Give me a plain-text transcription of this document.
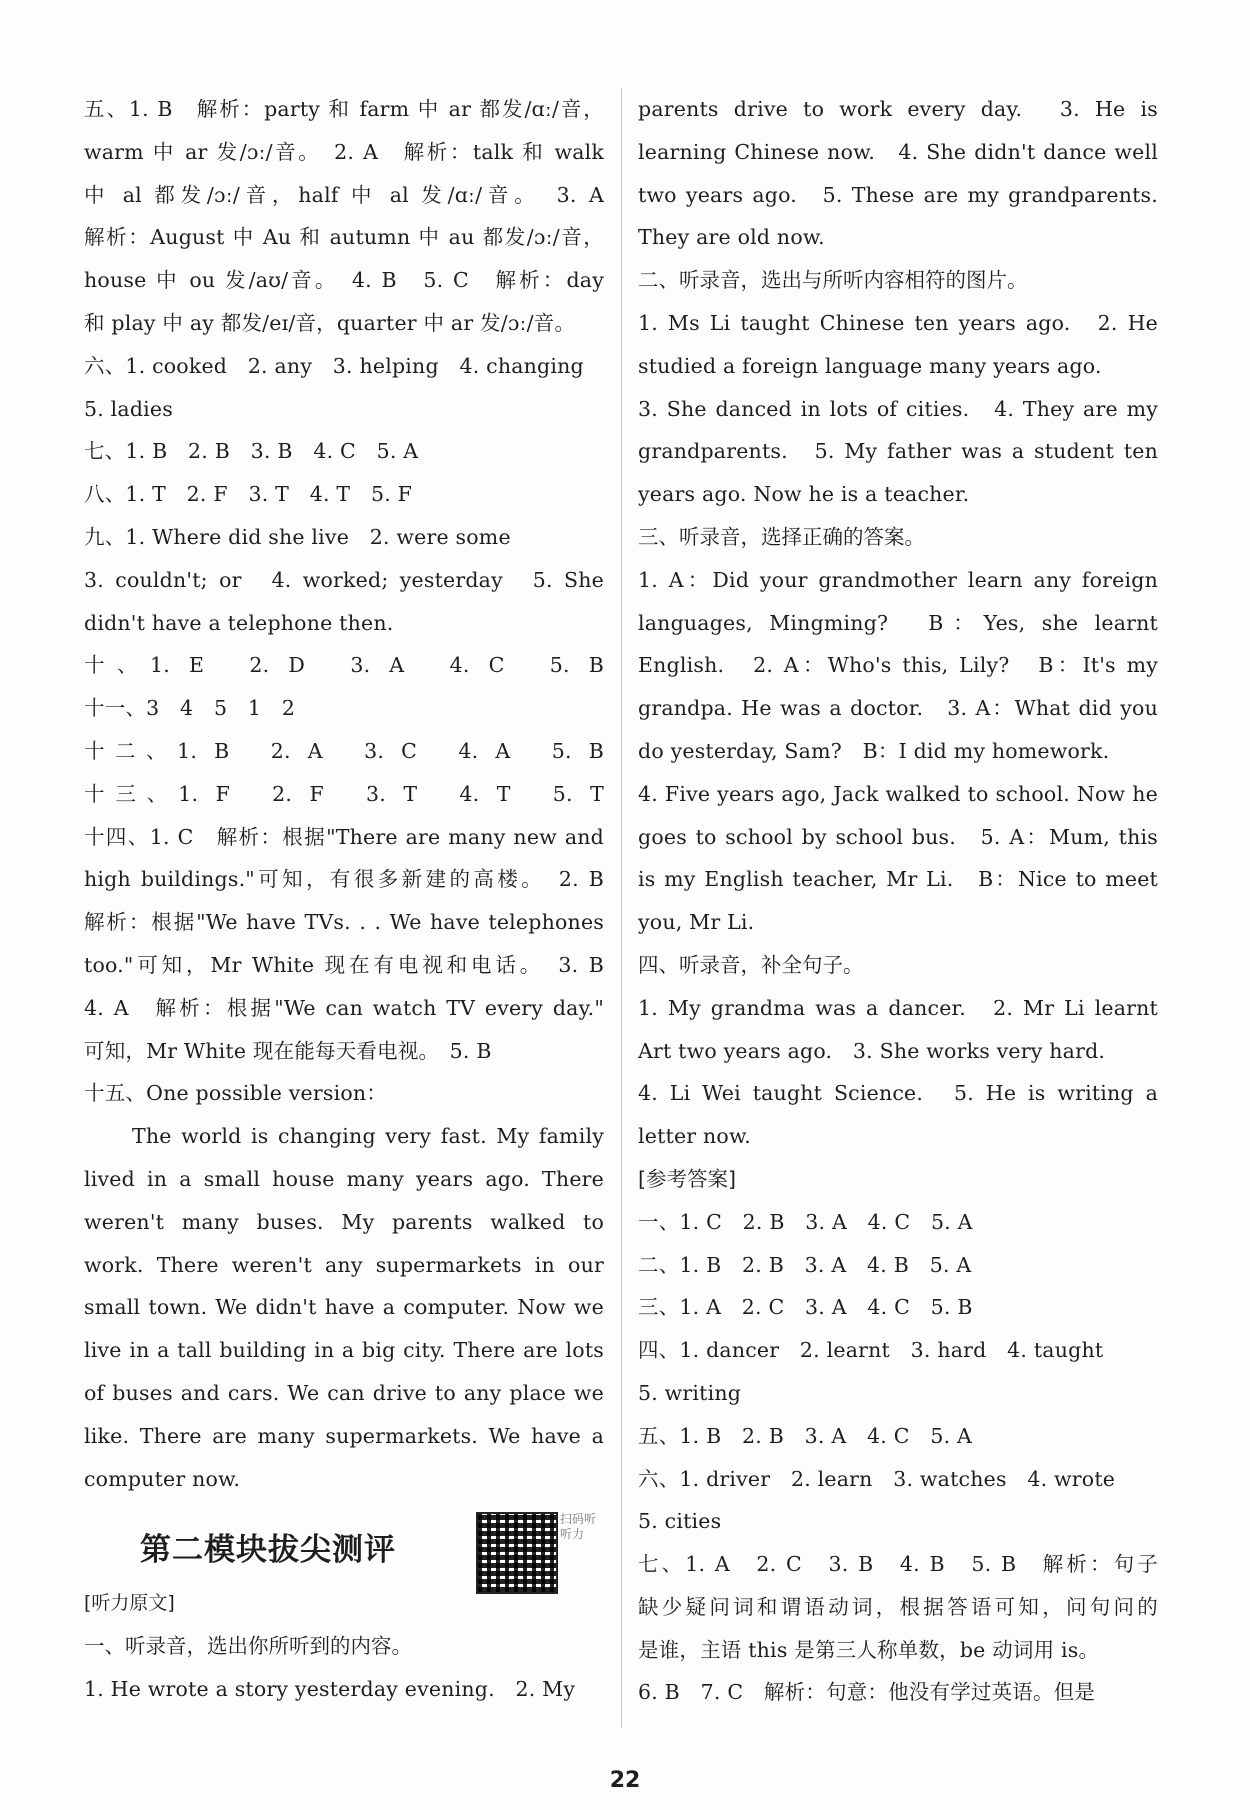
五、1. B　解析：party 和 farm 中 ar 都发/ɑː/音，
warm 中 ar 发/ɔː/音。　2. A　解析：talk 和 walk
中 al 都发/ɔː/音，half 中 al 发/ɑː/音。　3. A
解析：August 中 Au 和 autumn 中 au 都发/ɔː/音，
house 中 ou 发/aʊ/音。　4. B　5. C　解析：day
和 play 中 ay 都发/eɪ/音，quarter 中 ar 发/ɔː/音。
六、1. cooked　2. any　3. helping　4. changing
5. ladies
七、1. B　2. B　3. B　4. C　5. A
八、1. T　2. F　3. T　4. T　5. F
九、1. Where did she live　2. were some
3. couldn't; or　4. worked; yesterday　5. She
didn't have a telephone then.
十、1. E　2. D　3. A　4. C　5. B
十一、3　4　5　1　2
十二、1. B　2. A　3. C　4. A　5. B
十三、1. F　2. F　3. T　4. T　5. T
十四、1. C　解析：根据"There are many new and
high buildings."可知，有很多新建的高楼。　2. B
解析：根据"We have TVs. . . We have telephones
too."可知，Mr White 现在有电视和电话。　3. B
4. A　解析：根据"We can watch TV every day."
可知，Mr White 现在能每天看电视。　5. B
十五、One possible version：
The world is changing very fast. My family
lived in a small house many years ago. There
weren't many buses. My parents walked to
work. There weren't any supermarkets in our
small town. We didn't have a computer. Now we
live in a tall building in a big city. There are lots
of buses and cars. We can drive to any place we
like. There are many supermarkets. We have a
computer now.
第二模块拔尖测评
[听力原文]
一、听录音，选出你所听到的内容。
1. He wrote a story yesterday evening.　2. My
parents drive to work every day.　3. He is
learning Chinese now.　4. She didn't dance well
two years ago.　5. These are my grandparents.
They are old now.
二、听录音，选出与所听内容相符的图片。
1. Ms Li taught Chinese ten years ago.　2. He
studied a foreign language many years ago.
3. She danced in lots of cities.　4. They are my
grandparents.　5. My father was a student ten
years ago. Now he is a teacher.
三、听录音，选择正确的答案。
1. A：Did your grandmother learn any foreign
languages, Mingming?　B：Yes, she learnt
English.　2. A：Who's this, Lily?　B：It's my
grandpa. He was a doctor.　3. A：What did you
do yesterday, Sam?　B：I did my homework.
4. Five years ago, Jack walked to school. Now he
goes to school by school bus.　5. A：Mum, this
is my English teacher, Mr Li.　B：Nice to meet
you, Mr Li.
四、听录音，补全句子。
1. My grandma was a dancer.　2. Mr Li learnt
Art two years ago.　3. She works very hard.
4. Li Wei taught Science.　5. He is writing a
letter now.
[参考答案]
一、1. C　2. B　3. A　4. C　5. A
二、1. B　2. B　3. A　4. B　5. A
三、1. A　2. C　3. A　4. C　5. B
四、1. dancer　2. learnt　3. hard　4. taught
5. writing
五、1. B　2. B　3. A　4. C　5. A
六、1. driver　2. learn　3. watches　4. wrote
5. cities
七、1. A　2. C　3. B　4. B　5. B　解析：句子
缺少疑问词和谓语动词，根据答语可知，问句问的
是谁，主语 this 是第三人称单数，be 动词用 is。
6. B　7. C　解析：句意：他没有学过英语。但是
扫码听听力
22
